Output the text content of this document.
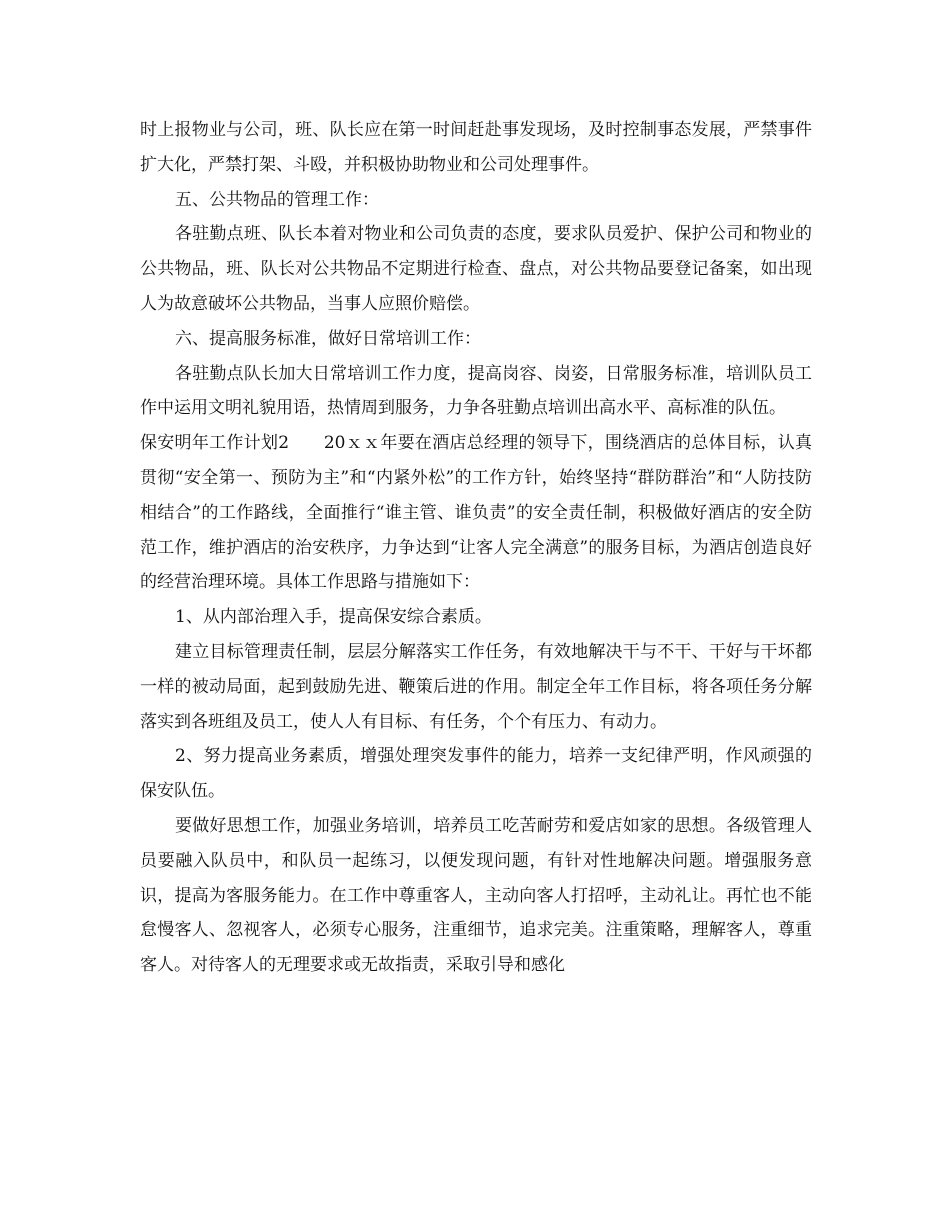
时上报物业与公司，班、队长应在第一时间赶赴事发现场，及时控制事态发展，严禁事件扩大化，严禁打架、斗殴，并积极协助物业和公司处理事件。

五、公共物品的管理工作：

各驻勤点班、队长本着对物业和公司负责的态度，要求队员爱护、保护公司和物业的公共物品，班、队长对公共物品不定期进行检查、盘点，对公共物品要登记备案，如出现人为故意破坏公共物品，当事人应照价赔偿。

六、提高服务标准，做好日常培训工作：

各驻勤点队长加大日常培训工作力度，提高岗容、岗姿，日常服务标准，培训队员工作中运用文明礼貌用语，热情周到服务，力争各驻勤点培训出高水平、高标准的队伍。

保安明年工作计划2　　20ｘｘ年要在酒店总经理的领导下，围绕酒店的总体目标，认真贯彻“安全第一、预防为主”和“内紧外松”的工作方针，始终坚持“群防群治”和“人防技防相结合”的工作路线，全面推行“谁主管、谁负责”的安全责任制，积极做好酒店的安全防范工作，维护酒店的治安秩序，力争达到“让客人完全满意”的服务目标，为酒店创造良好的经营治理环境。具体工作思路与措施如下：

1、从内部治理入手，提高保安综合素质。

建立目标管理责任制，层层分解落实工作任务，有效地解决干与不干、干好与干坏都一样的被动局面，起到鼓励先进、鞭策后进的作用。制定全年工作目标，将各项任务分解落实到各班组及员工，使人人有目标、有任务，个个有压力、有动力。

2、努力提高业务素质，增强处理突发事件的能力，培养一支纪律严明，作风顽强的保安队伍。

要做好思想工作，加强业务培训，培养员工吃苦耐劳和爱店如家的思想。各级管理人员要融入队员中，和队员一起练习，以便发现问题，有针对性地解决问题。增强服务意识，提高为客服务能力。在工作中尊重客人，主动向客人打招呼，主动礼让。再忙也不能怠慢客人、忽视客人，必须专心服务，注重细节，追求完美。注重策略，理解客人，尊重客人。对待客人的无理要求或无故指责，采取引导和感化
